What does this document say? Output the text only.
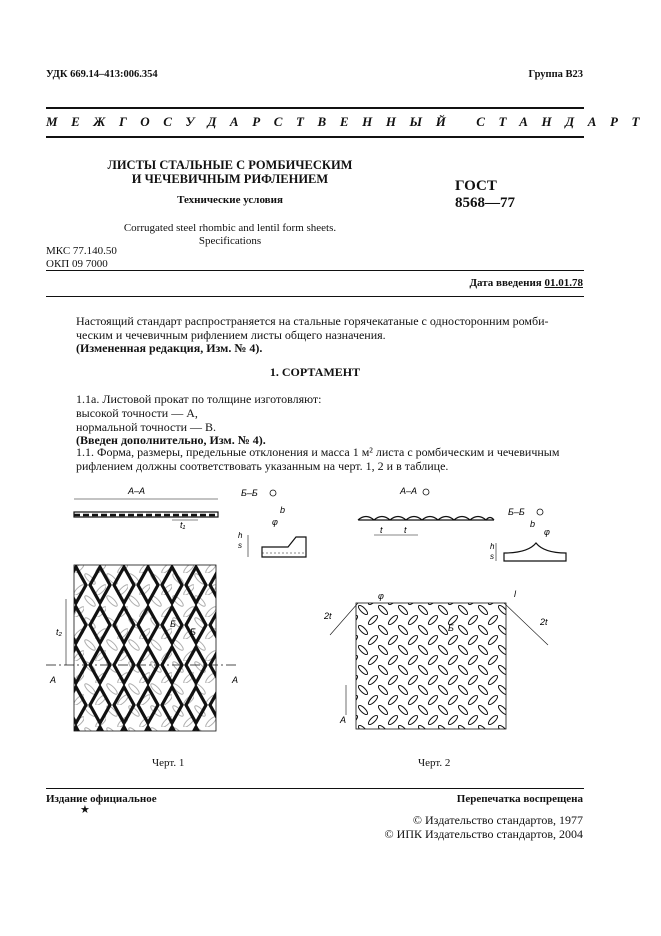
УДК 669.14–413:006.354	Группа В23
МЕЖГОСУДАРСТВЕННЫЙ СТАНДАРТ
ЛИСТЫ СТАЛЬНЫЕ С РОМБИЧЕСКИМ
И ЧЕЧЕВИЧНЫМ РИФЛЕНИЕМ
Технические условия
Corrugated steel rhombic and lentil form sheets.
Specifications
ГОСТ
8568—77
МКС 77.140.50
ОКП 09 7000
Дата введения 01.01.78
Настоящий стандарт распространяется на стальные горячекатаные с односторонним ромби-
ческим и чечевичным рифлением листы общего назначения.
(Измененная редакция, Изм. № 4).
1. СОРТАМЕНТ
1.1а. Листовой прокат по толщине изготовляют:
высокой точности — А,
нормальной точности — В.
(Введен дополнительно, Изм. № 4).
1.1. Форма, размеры, предельные отклонения и масса 1 м² листа с ромбическим и чечевичным
рифлением должны соответствовать указанным на черт. 1, 2 и в таблице.
А–А
t₁
Б–Б
b
φ
s
h
t₂
А	А
Б
Б
Черт. 1
А–А
t t
Б–Б
b
φ
s
h
2t
2t
φ	l
А
Б
Черт. 2
Издание официальное	Перепечатка воспрещена
★
© Издательство стандартов, 1977
© ИПК Издательство стандартов, 2004
